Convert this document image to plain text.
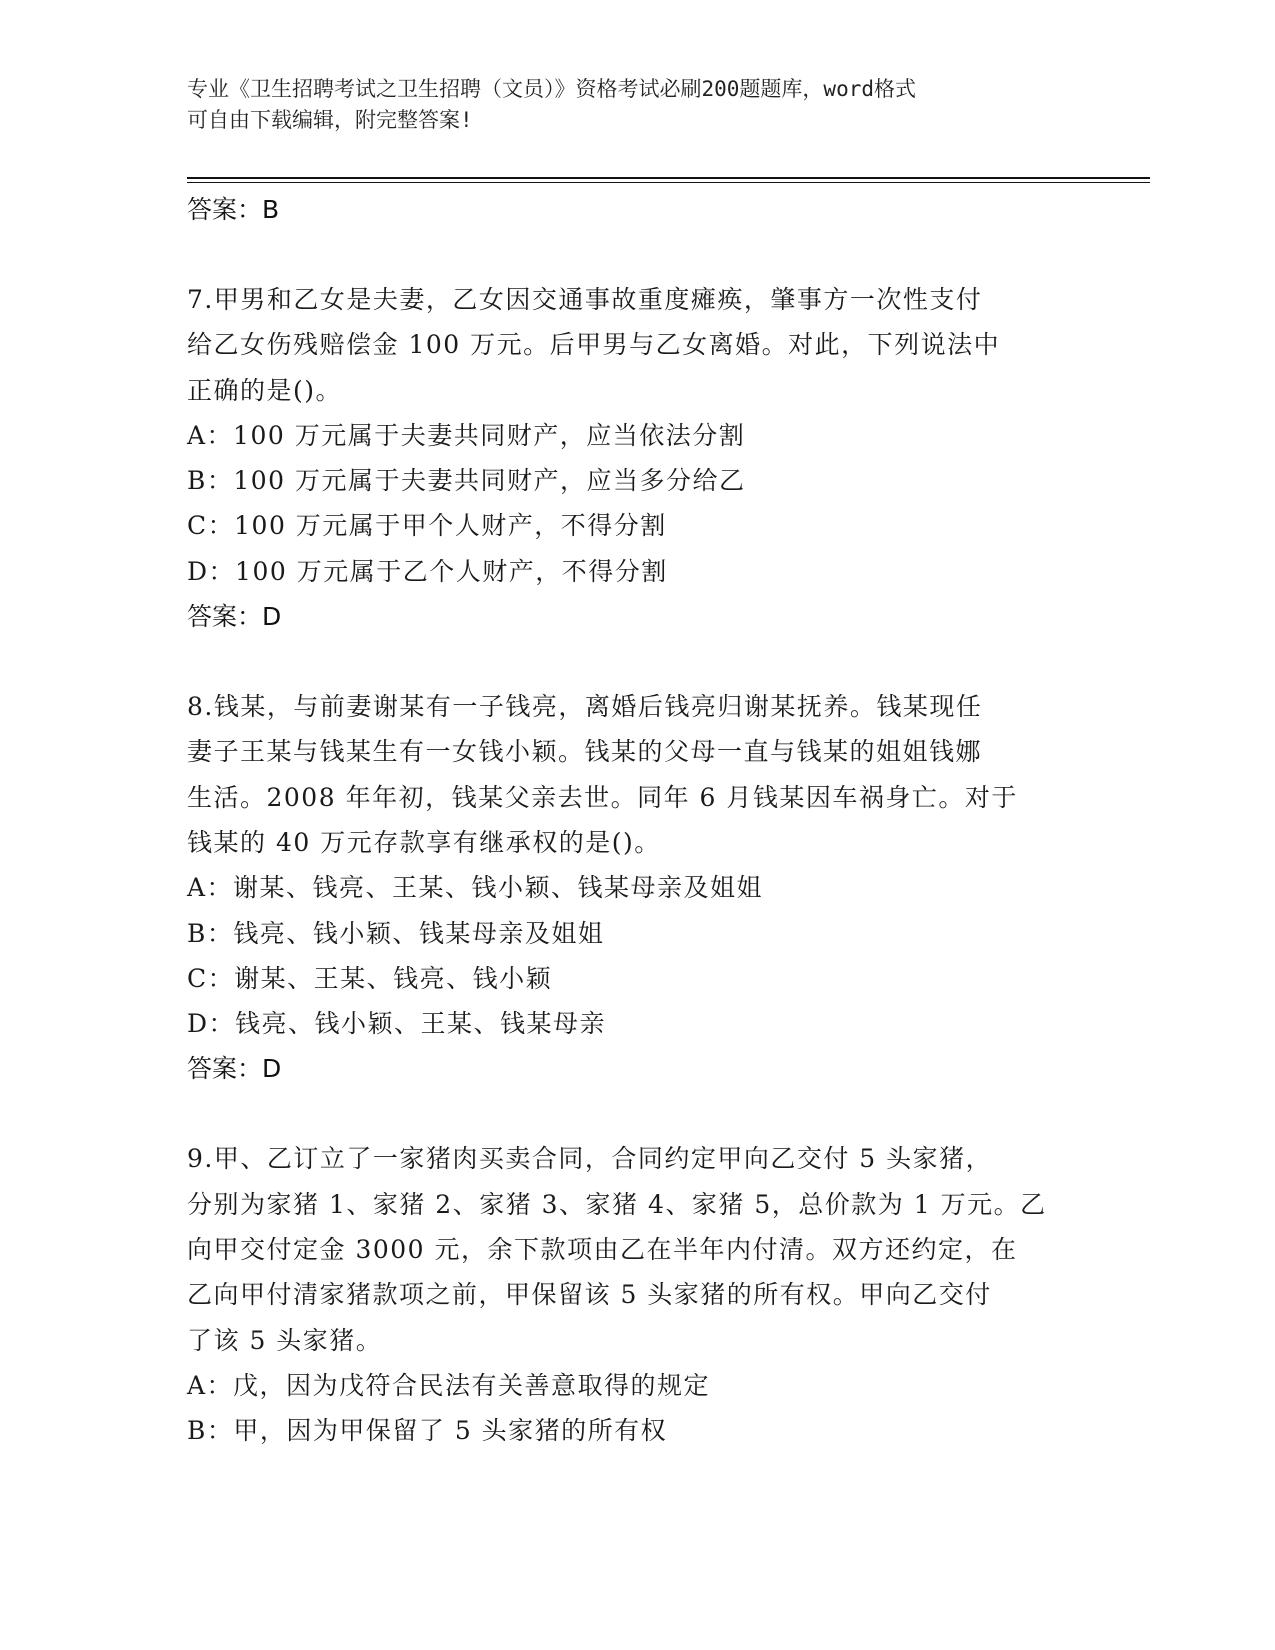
专业《卫生招聘考试之卫生招聘（文员）》资格考试必刷200题题库，word格式
可自由下载编辑，附完整答案!
答案：B
7.甲男和乙女是夫妻，乙女因交通事故重度瘫痪，肇事方一次性支付
给乙女伤残赔偿金 100 万元。后甲男与乙女离婚。对此，下列说法中
正确的是()。
A：100 万元属于夫妻共同财产，应当依法分割
B：100 万元属于夫妻共同财产，应当多分给乙
C：100 万元属于甲个人财产，不得分割
D：100 万元属于乙个人财产，不得分割
答案：D
8.钱某，与前妻谢某有一子钱亮，离婚后钱亮归谢某抚养。钱某现任
妻子王某与钱某生有一女钱小颖。钱某的父母一直与钱某的姐姐钱娜
生活。2008 年年初，钱某父亲去世。同年 6 月钱某因车祸身亡。对于
钱某的 40 万元存款享有继承权的是()。
A：谢某、钱亮、王某、钱小颖、钱某母亲及姐姐
B：钱亮、钱小颖、钱某母亲及姐姐
C：谢某、王某、钱亮、钱小颖
D：钱亮、钱小颖、王某、钱某母亲
答案：D
9.甲、乙订立了一家猪肉买卖合同，合同约定甲向乙交付 5 头家猪，
分别为家猪 1、家猪 2、家猪 3、家猪 4、家猪 5，总价款为 1 万元。乙
向甲交付定金 3000 元，余下款项由乙在半年内付清。双方还约定，在
乙向甲付清家猪款项之前，甲保留该 5 头家猪的所有权。甲向乙交付
了该 5 头家猪。
A：戊，因为戊符合民法有关善意取得的规定
B：甲，因为甲保留了 5 头家猪的所有权
